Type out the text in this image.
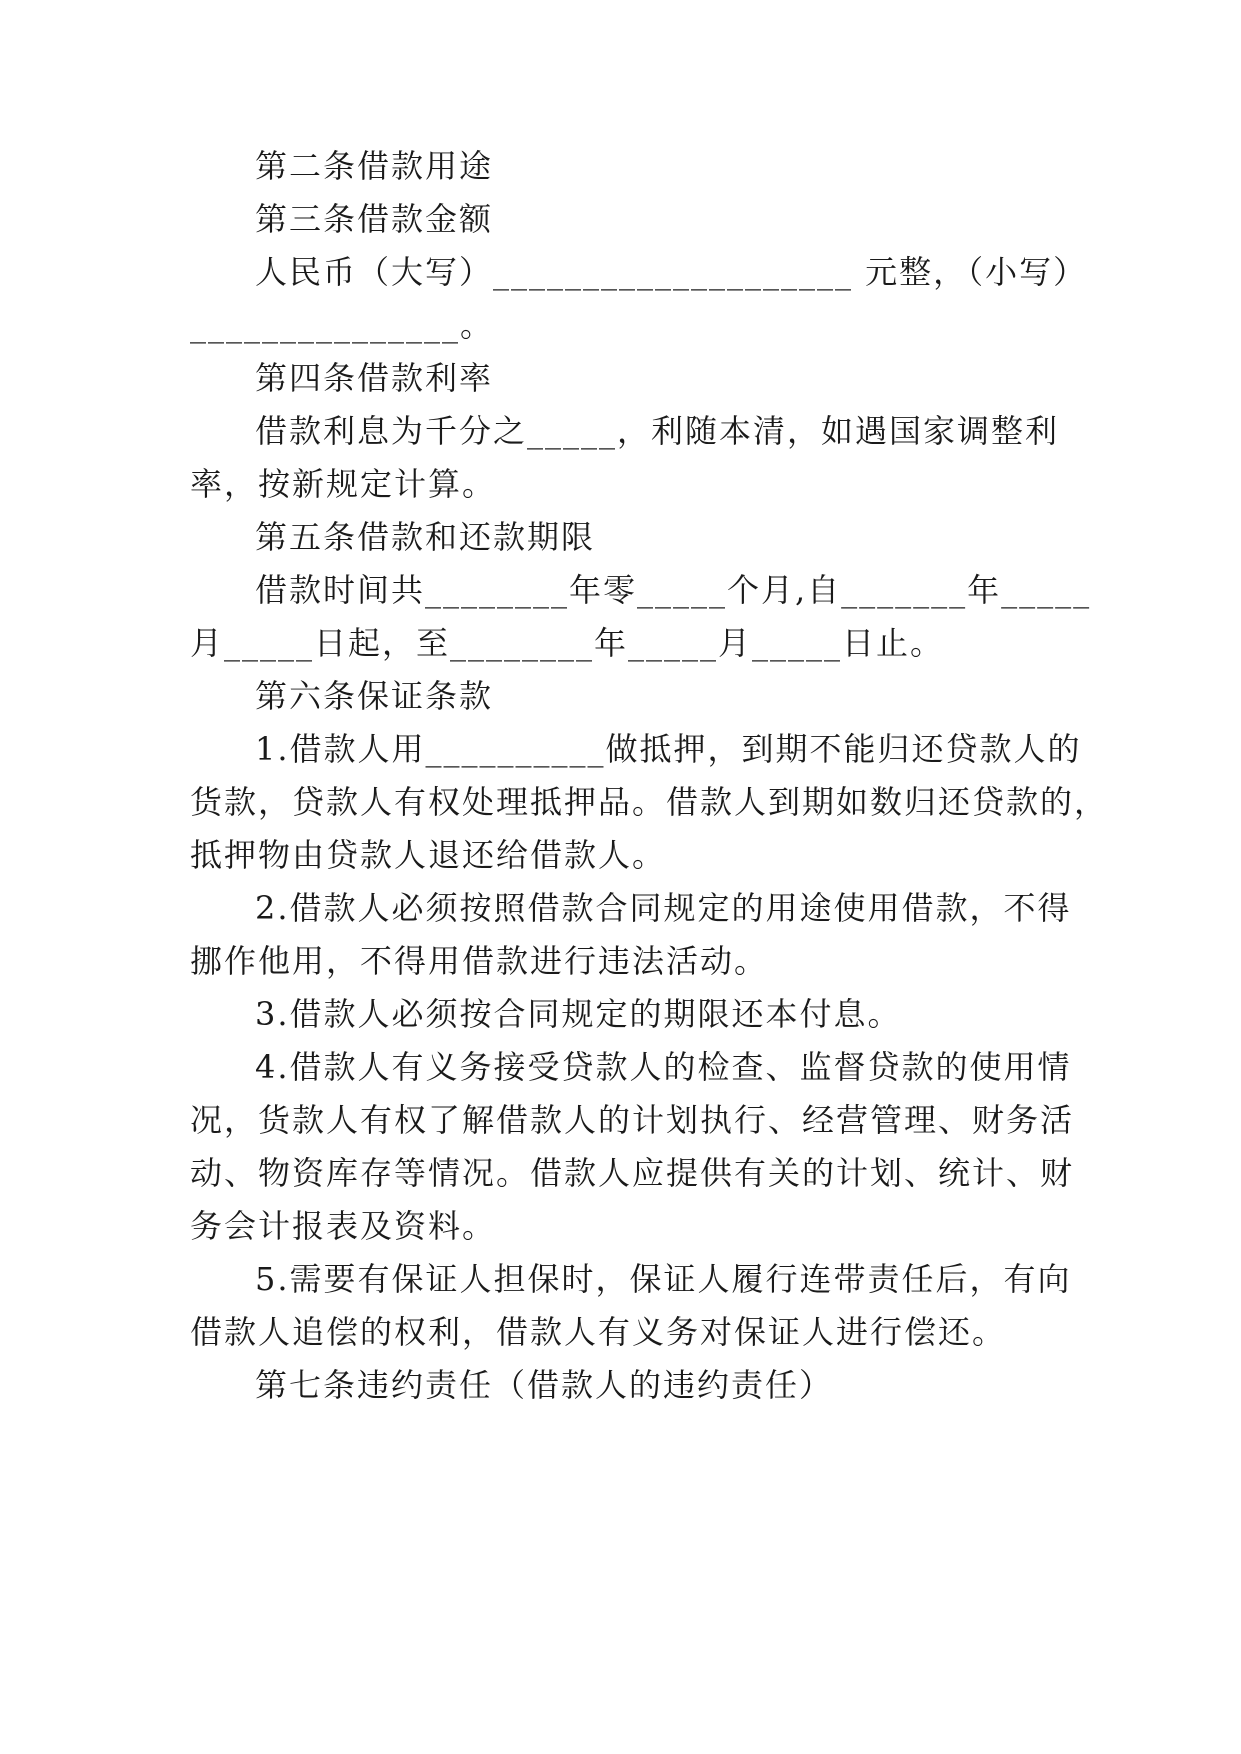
第二条借款用途
第三条借款金额
人民币（大写）____________________ 元整，（小写）
_______________。
第四条借款利率
借款利息为千分之_____，利随本清，如遇国家调整利
率，按新规定计算。
第五条借款和还款期限
借款时间共________年零_____个月,自_______年_____
月_____日起，至________年_____月_____日止。
第六条保证条款
1.借款人用__________做抵押，到期不能归还贷款人的
货款，贷款人有权处理抵押品。借款人到期如数归还贷款的，
抵押物由贷款人退还给借款人。
2.借款人必须按照借款合同规定的用途使用借款，不得
挪作他用，不得用借款进行违法活动。
3.借款人必须按合同规定的期限还本付息。
4.借款人有义务接受贷款人的检查、监督贷款的使用情
况，货款人有权了解借款人的计划执行、经营管理、财务活
动、物资库存等情况。借款人应提供有关的计划、统计、财
务会计报表及资料。
5.需要有保证人担保时，保证人履行连带责任后，有向
借款人追偿的权利，借款人有义务对保证人进行偿还。
第七条违约责任（借款人的违约责任）
